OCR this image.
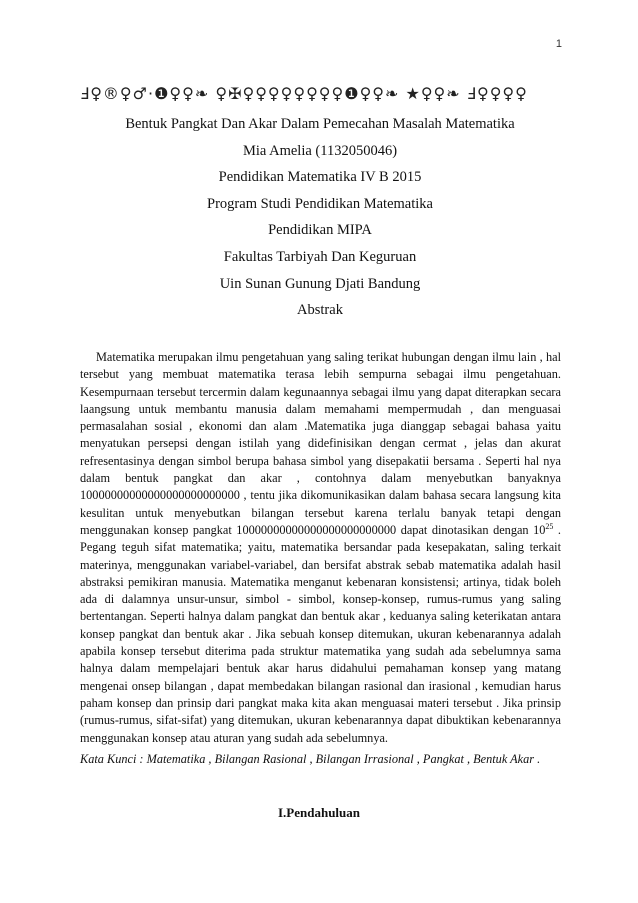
1
Ⅎ♀®♀♂·❶♀♀❧ ♀✠♀♀♀♀♀♀♀♀❶♀♀❧ ★♀♀❧ Ⅎ♀♀♀♀

Bentuk Pangkat Dan Akar Dalam Pemecahan Masalah Matematika

Mia Amelia (1132050046)

Pendidikan Matematika IV B 2015

Program Studi Pendidikan Matematika

Pendidikan MIPA

Fakultas Tarbiyah Dan Keguruan

Uin Sunan Gunung Djati Bandung

Abstrak

Matematika merupakan ilmu pengetahuan yang saling terikat hubungan dengan ilmu lain , hal tersebut yang membuat matematika terasa lebih sempurna sebagai ilmu pengetahuan. Kesempurnaan tersebut tercermin dalam kegunaannya sebagai ilmu yang dapat diterapkan secara laangsung untuk membantu manusia dalam memahami mempermudah , dan menguasai permasalahan sosial , ekonomi dan alam .Matematika juga dianggap sebagai bahasa yaitu menyatukan persepsi dengan istilah yang didefinisikan dengan cermat , jelas dan akurat refresentasinya dengan simbol berupa bahasa simbol yang disepakatii bersama . Seperti hal nya dalam bentuk pangkat dan akar , contohnya dalam menyebutkan banyaknya 10000000000000000000000000 , tentu jika dikomunikasikan dalam bahasa secara langsung kita kesulitan untuk menyebutkan bilangan tersebut karena terlalu banyak tetapi dengan menggunakan konsep pangkat 10000000000000000000000000 dapat dinotasikan dengan $10^{25}$ . Pegang teguh sifat matematika; yaitu, matematika bersandar pada kesepakatan, saling terkait materinya, menggunakan variabel-variabel, dan bersifat abstrak sebab matematika adalah hasil abstraksi pemikiran manusia. Matematika menganut kebenaran konsistensi; artinya, tidak boleh ada di dalamnya unsur-unsur, simbol - simbol, konsep-konsep, rumus-rumus yang saling bertentangan. Seperti halnya dalam pangkat dan bentuk akar , keduanya saling keterikatan antara konsep pangkat dan bentuk akar . Jika sebuah konsep ditemukan, ukuran kebenarannya adalah apabila konsep tersebut diterima pada struktur matematika yang sudah ada sebelumnya sama halnya dalam mempelajari bentuk akar harus didahului pemahaman konsep yang matang mengenai onsep bilangan , dapat membedakan bilangan rasional dan irasional , kemudian harus paham konsep dan prinsip dari pangkat maka kita akan menguasai materi tersebut . Jika prinsip (rumus-rumus, sifat-sifat) yang ditemukan, ukuran kebenarannya dapat dibuktikan kebenarannya menggunakan konsep atau aturan yang sudah ada sebelumnya.

Kata Kunci : Matematika , Bilangan Rasional , Bilangan Irrasional , Pangkat , Bentuk Akar .
I.Pendahuluan
